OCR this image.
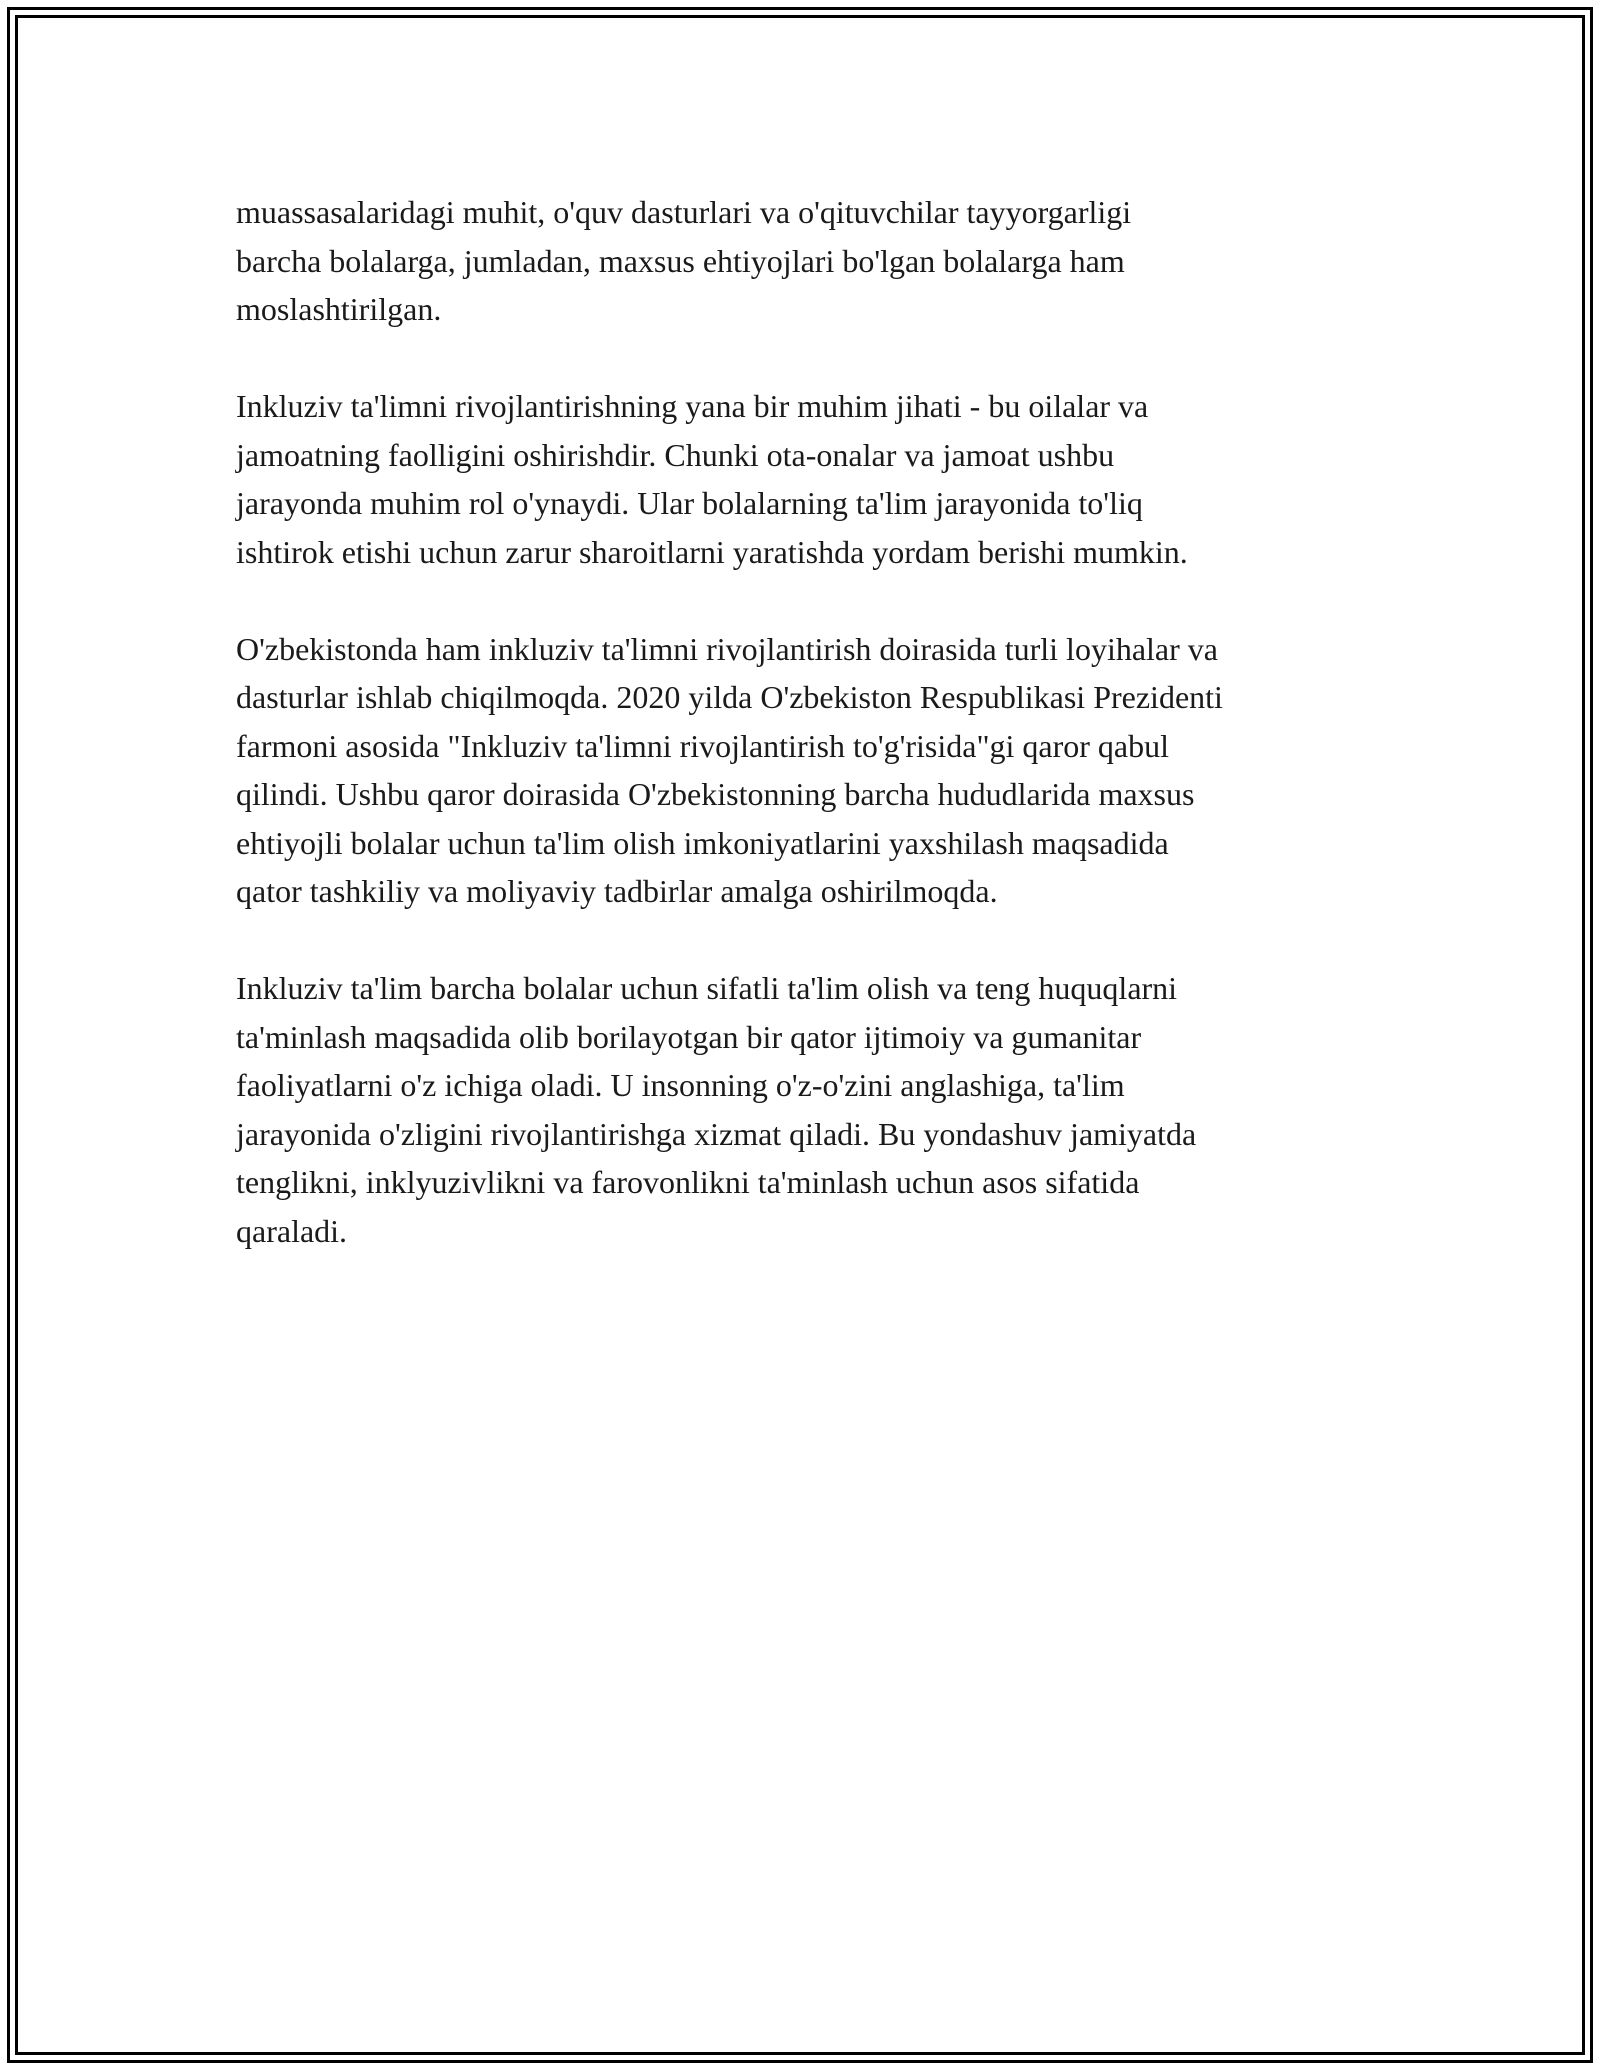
muassasalaridagi muhit, o'quv dasturlari va o'qituvchilar tayyorgarligi
barcha bolalarga, jumladan, maxsus ehtiyojlari bo'lgan bolalarga ham
moslashtirilgan.

Inkluziv ta'limni rivojlantirishning yana bir muhim jihati - bu oilalar va
jamoatning faolligini oshirishdir. Chunki ota-onalar va jamoat ushbu
jarayonda muhim rol o'ynaydi. Ular bolalarning ta'lim jarayonida to'liq
ishtirok etishi uchun zarur sharoitlarni yaratishda yordam berishi mumkin.

O'zbekistonda ham inkluziv ta'limni rivojlantirish doirasida turli loyihalar va
dasturlar ishlab chiqilmoqda. 2020 yilda O'zbekiston Respublikasi Prezidenti
farmoni asosida "Inkluziv ta'limni rivojlantirish to'g'risida"gi qaror qabul
qilindi. Ushbu qaror doirasida O'zbekistonning barcha hududlarida maxsus
ehtiyojli bolalar uchun ta'lim olish imkoniyatlarini yaxshilash maqsadida
qator tashkiliy va moliyaviy tadbirlar amalga oshirilmoqda.

Inkluziv ta'lim barcha bolalar uchun sifatli ta'lim olish va teng huquqlarni
ta'minlash maqsadida olib borilayotgan bir qator ijtimoiy va gumanitar
faoliyatlarni o'z ichiga oladi. U insonning o'z-o'zini anglashiga, ta'lim
jarayonida o'zligini rivojlantirishga xizmat qiladi. Bu yondashuv jamiyatda
tenglikni, inklyuzivlikni va farovonlikni ta'minlash uchun asos sifatida
qaraladi.
